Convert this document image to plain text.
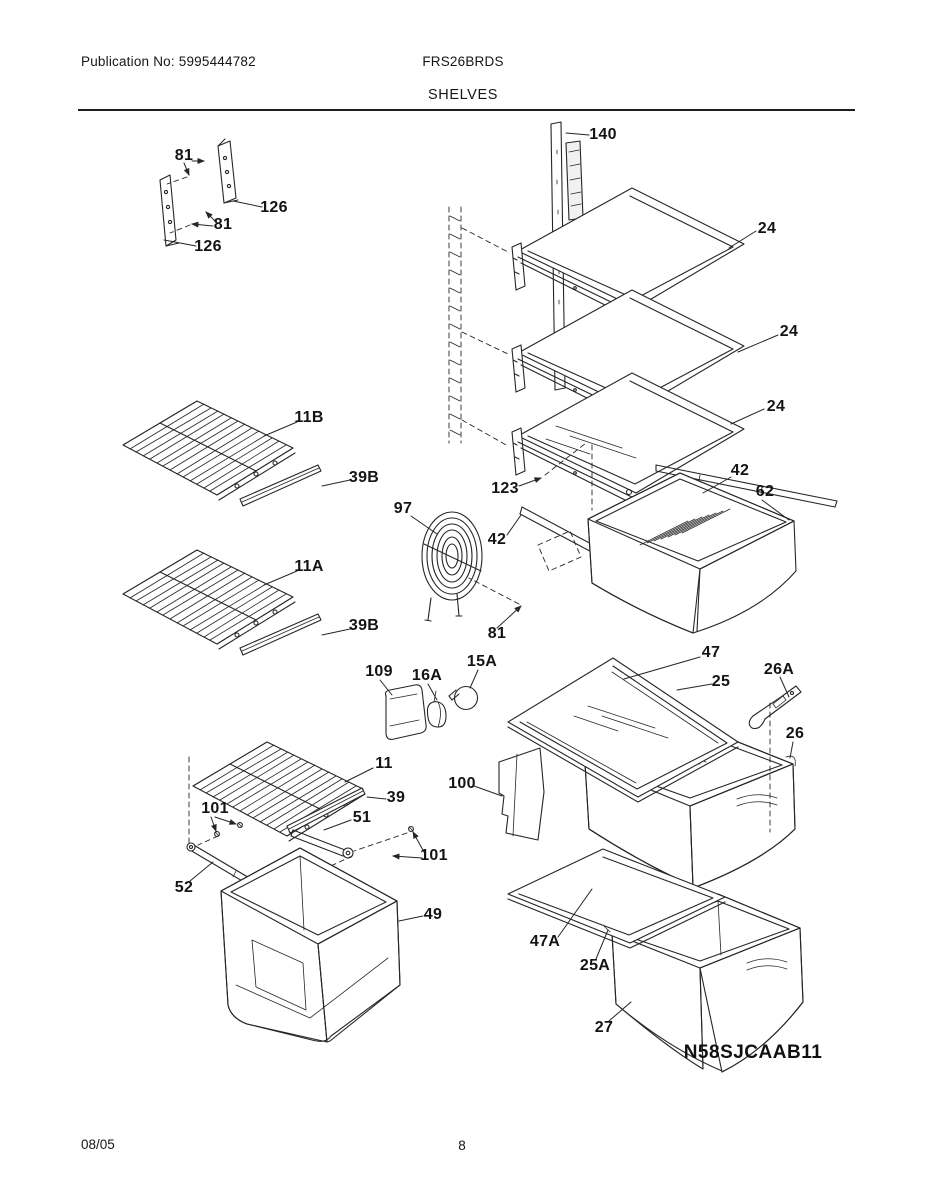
Publication No: 5995444782	FRS26BRDS
SHELVES
81
126
81
126
140
24
24
24
123
42
62
42
97
81
11B
39B
11A
39B
109 16A
15A
11
39
51
101
101
52
49
47
25
26A
26
100
47A
25A
27
N58SJCAAB11
08/05	8
